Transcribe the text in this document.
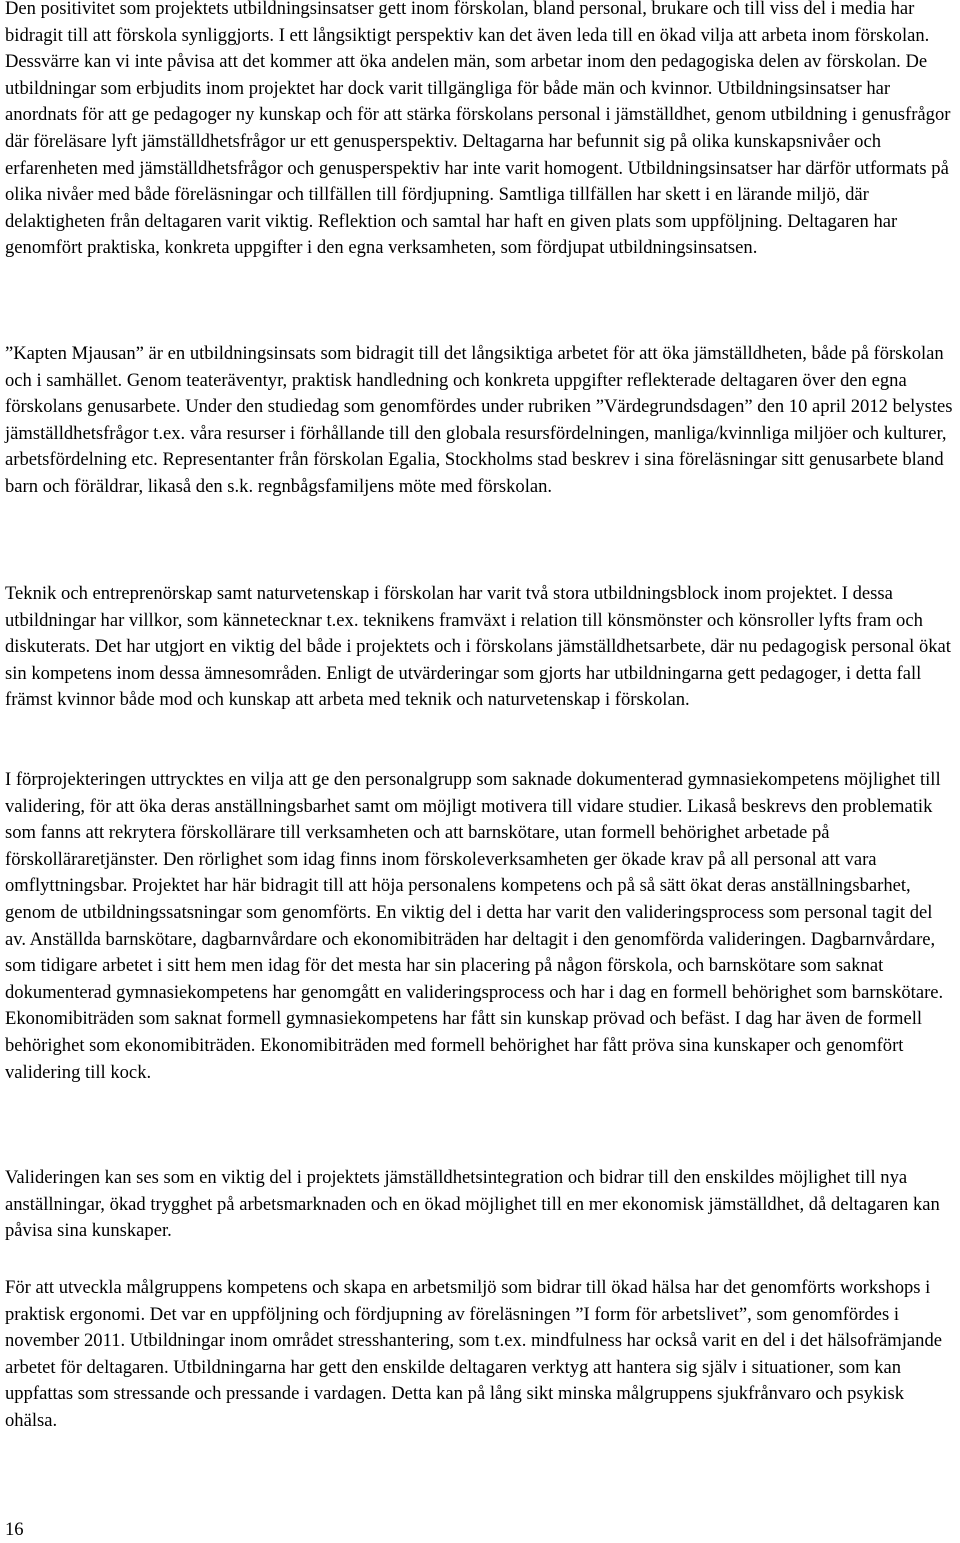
Den positivitet som projektets utbildningsinsatser gett inom förskolan, bland personal, brukare och till viss del i media har bidragit till att förskola synliggjorts. I ett långsiktigt perspektiv kan det även leda till en ökad vilja att arbeta inom förskolan. Dessvärre kan vi inte påvisa att det kommer att öka andelen män, som arbetar inom den pedagogiska delen av förskolan. De utbildningar som erbjudits inom projektet har dock varit tillgängliga för både män och kvinnor. Utbildningsinsatser har anordnats för att ge pedagoger ny kunskap och för att stärka förskolans personal i jämställdhet, genom utbildning i genusfrågor där föreläsare lyft jämställdhetsfrågor ur ett genusperspektiv. Deltagarna har befunnit sig på olika kunskapsnivåer och erfarenheten med jämställdhetsfrågor och genusperspektiv har inte varit homogent. Utbildningsinsatser har därför utformats på olika nivåer med både föreläsningar och tillfällen till fördjupning. Samtliga tillfällen har skett i en lärande miljö, där delaktigheten från deltagaren varit viktig. Reflektion och samtal har haft en given plats som uppföljning. Deltagaren har genomfört praktiska, konkreta uppgifter i den egna verksamheten, som fördjupat utbildningsinsatsen.

”Kapten Mjausan” är en utbildningsinsats som bidragit till det långsiktiga arbetet för att öka jämställdheten, både på förskolan och i samhället. Genom teateräventyr, praktisk handledning och konkreta uppgifter reflekterade deltagaren över den egna förskolans genusarbete. Under den studiedag som genomfördes under rubriken ”Värdegrundsdagen” den 10 april 2012 belystes jämställdhetsfrågor t.ex. våra resurser i förhållande till den globala resursfördelningen, manliga/kvinnliga miljöer och kulturer, arbetsfördelning etc. Representanter från förskolan Egalia, Stockholms stad beskrev i sina föreläsningar sitt genusarbete bland barn och föräldrar, likaså den s.k. regnbågsfamiljens möte med förskolan.

Teknik och entreprenörskap samt naturvetenskap i förskolan har varit två stora utbildningsblock inom projektet. I dessa utbildningar har villkor, som kännetecknar t.ex. teknikens framväxt i relation till könsmönster och könsroller lyfts fram och diskuterats. Det har utgjort en viktig del både i projektets och i förskolans jämställdhetsarbete, där nu pedagogisk personal ökat sin kompetens inom dessa ämnesområden. Enligt de utvärderingar som gjorts har utbildningarna gett pedagoger, i detta fall främst kvinnor både mod och kunskap att arbeta med teknik och naturvetenskap i förskolan.

I förprojekteringen uttrycktes en vilja att ge den personalgrupp som saknade dokumenterad gymnasiekompetens möjlighet till validering, för att öka deras anställningsbarhet samt om möjligt motivera till vidare studier. Likaså beskrevs den problematik som fanns att rekrytera förskollärare till verksamheten och att barnskötare, utan formell behörighet arbetade på förskolläraretjänster. Den rörlighet som idag finns inom förskoleverksamheten ger ökade krav på all personal att vara omflyttningsbar. Projektet har här bidragit till att höja personalens kompetens och på så sätt ökat deras anställningsbarhet, genom de utbildningssatsningar som genomförts. En viktig del i detta har varit den valideringsprocess som personal tagit del av. Anställda barnskötare, dagbarnvårdare och ekonomibiträden har deltagit i den genomförda valideringen. Dagbarnvårdare, som tidigare arbetet i sitt hem men idag för det mesta har sin placering på någon förskola, och barnskötare som saknat dokumenterad gymnasiekompetens har genomgått en valideringsprocess och har i dag en formell behörighet som barnskötare. Ekonomibiträden som saknat formell gymnasiekompetens har fått sin kunskap prövad och befäst. I dag har även de formell behörighet som ekonomibiträden. Ekonomibiträden med formell behörighet har fått pröva sina kunskaper och genomfört validering till kock.

Valideringen kan ses som en viktig del i projektets jämställdhetsintegration och bidrar till den enskildes möjlighet till nya anställningar, ökad trygghet på arbetsmarknaden och en ökad möjlighet till en mer ekonomisk jämställdhet, då deltagaren kan påvisa sina kunskaper.

För att utveckla målgruppens kompetens och skapa en arbetsmiljö som bidrar till ökad hälsa har det genomförts workshops i praktisk ergonomi. Det var en uppföljning och fördjupning av föreläsningen ”I form för arbetslivet”, som genomfördes i november 2011. Utbildningar inom området stresshantering, som t.ex. mindfulness har också varit en del i det hälsofrämjande arbetet för deltagaren. Utbildningarna har gett den enskilde deltagaren verktyg att hantera sig själv i situationer, som kan uppfattas som stressande och pressande i vardagen. Detta kan på lång sikt minska målgruppens sjukfrånvaro och psykisk ohälsa.

16
